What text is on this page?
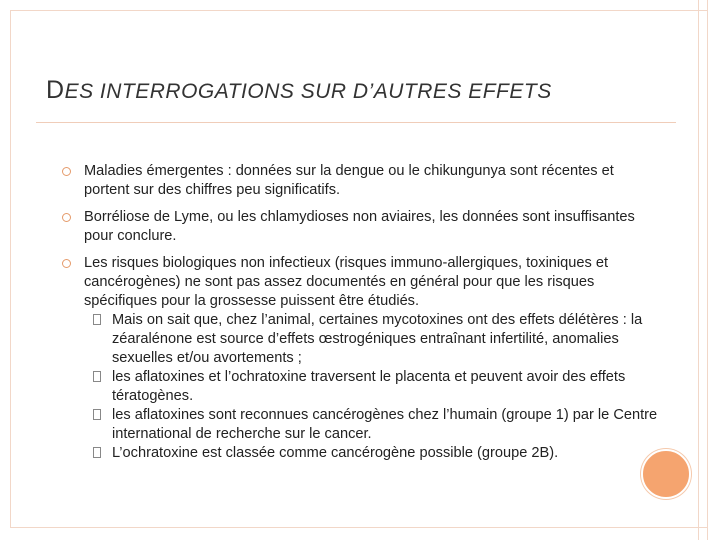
DES INTERROGATIONS SUR D’AUTRES EFFETS
Maladies émergentes : données sur la dengue ou le chikungunya sont récentes et portent sur des chiffres peu significatifs.
Borréliose de Lyme, ou les chlamydioses non aviaires, les données sont insuffisantes pour conclure.
Les risques biologiques non infectieux (risques immuno-allergiques, toxiniques et cancérogènes) ne sont pas assez documentés en général pour que les risques spécifiques pour la grossesse puissent être étudiés.
Mais on sait que, chez l’animal, certaines mycotoxines ont des effets délétères : la zéaralénone est source d’effets œstrogéniques entraînant infertilité, anomalies sexuelles et/ou avortements ;
les aflatoxines et l’ochratoxine traversent le placenta et peuvent avoir des effets tératogènes.
les aflatoxines sont reconnues cancérogènes chez l’humain (groupe 1) par le Centre international de recherche sur le cancer.
L’ochratoxine est classée comme cancérogène possible (groupe 2B).
